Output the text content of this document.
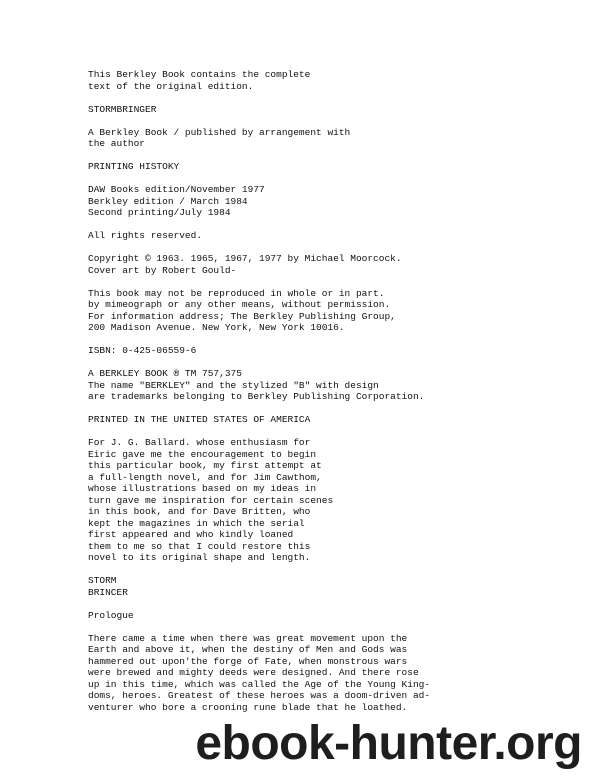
This Berkley Book contains the complete
text of the original edition.
STORMBRINGER
A Berkley Book / published by arrangement with
the author
PRINTING HISTOKY
DAW Books edition/November 1977
Berkley edition / March 1984
Second printing/July 1984
All rights reserved.
Copyright © 1963. 1965, 1967, 1977 by Michael Moorcock.
Cover art by Robert Gould-
This book may not be reproduced in whole or in part.
by mimeograph or any other means, without permission.
For information address; The Berkley Publishing Group,
200 Madison Avenue. New York, New York 10016.
ISBN: 0-425-06559-6
A BERKLEY BOOK ® TM 757,375
The name "BERKLEY" and the stylized "B" with design
are trademarks belonging to Berkley Publishing Corporation.
PRINTED IN THE UNITED STATES OF AMERICA
For J. G. Ballard. whose enthusiasm for
Eiric gave me the encouragement to begin
this particular book, my first attempt at
a full-length novel, and for Jim Cawthom,
whose illustrations based on my ideas in
turn gave me inspiration for certain scenes
in this book, and for Dave Britten, who
kept the magazines in which the serial
first appeared and who kindly loaned
them to me so that I could restore this
novel to its original shape and length.
STORM
BRINCER
Prologue
There came a time when there was great movement upon the
Earth and above it, when the destiny of Men and Gods was
hammered out upon'the forge of Fate, when monstrous wars
were brewed and mighty deeds were designed. And there rose
up in this time, which was called the Age of the Young King-
doms, heroes. Greatest of these heroes was a doom-driven ad-
venturer who bore a crooning rune blade that he loathed.
ebook-hunter.org
